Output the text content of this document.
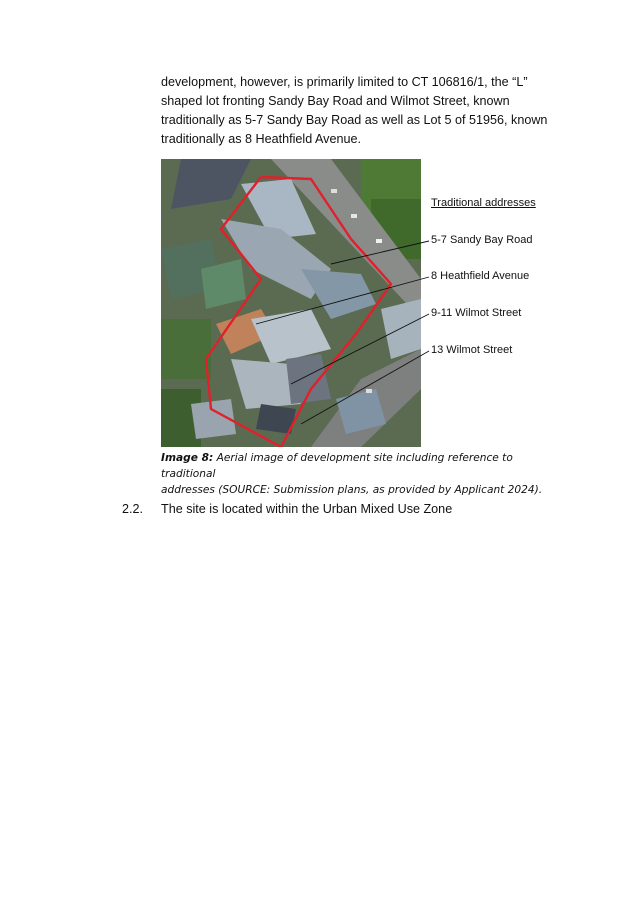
development, however, is primarily limited to CT 106816/1, the “L”
shaped lot fronting Sandy Bay Road and Wilmot Street, known
traditionally as 5-7 Sandy Bay Road as well as Lot 5 of 51956, known
traditionally as 8 Heathfield Avenue.
Traditional addresses
5-7 Sandy Bay Road
8 Heathfield Avenue
9-11 Wilmot Street
13 Wilmot Street
Image 8: Aerial image of development site including reference to traditional
addresses (SOURCE: Submission plans, as provided by Applicant 2024).
2.2. The site is located within the Urban Mixed Use Zone
